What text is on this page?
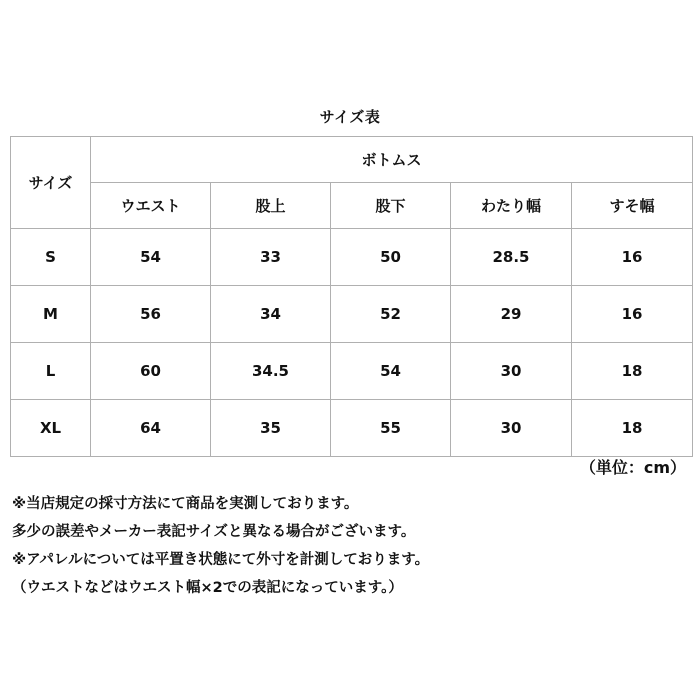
サイズ表
サイズ	ボトムス				
	ウエスト	股上	股下	わたり幅	すそ幅
S	54	33	50	28.5	16
M	56	34	52	29	16
L	60	34.5	54	30	18
XL	64	35	55	30	18
（単位：cm）
※当店規定の採寸方法にて商品を実測しております。
多少の誤差やメーカー表記サイズと異なる場合がございます。
※アパレルについては平置き状態にて外寸を計測しております。
（ウエストなどはウエスト幅×2での表記になっています。）
